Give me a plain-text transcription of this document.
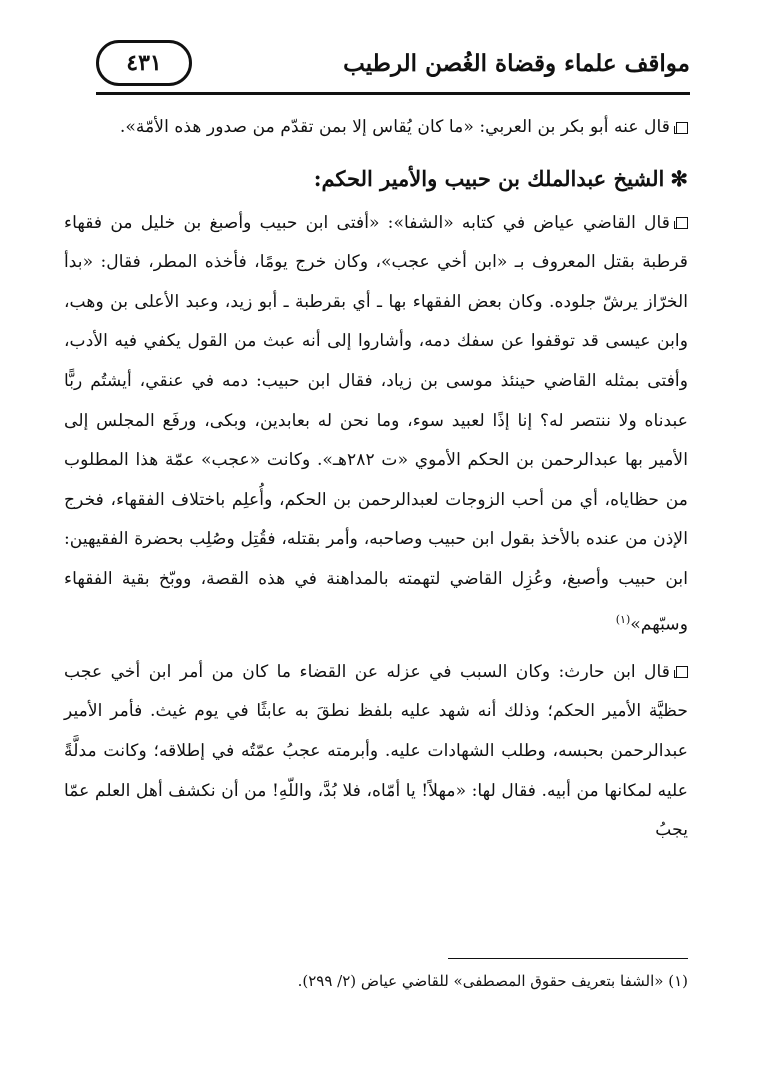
مواقف علماء وقضاة الغُصن الرطيب
٤٣١

قال عنه أبو بكر بن العربي: «ما كان يُقاس إلا بمن تقدّم من صدور هذه الأمّة».

✻الشيخ عبدالملك بن حبيب والأمير الحكم:

قال القاضي عياض في كتابه «الشفا»: «أفتى ابن حبيب وأصبغ بن خليل من فقهاء قرطبة بقتل المعروف بـ «ابن أخي عجب»، وكان خرج يومًا، فأخذه المطر، فقال: «بدأ الخرّاز يرشّ جلوده. وكان بعض الفقهاء بها ـ أي بقرطبة ـ أبو زيد، وعبد الأعلى بن وهب، وابن عيسى قد توقفوا عن سفك دمه، وأشاروا إلى أنه عبث من القول يكفي فيه الأدب، وأفتى بمثله القاضي حينئذ موسى بن زياد، فقال ابن حبيب: دمه في عنقي، أيشتُم ربًّا عبدناه ولا ننتصر له؟ إنا إذًا لعبيد سوء، وما نحن له بعابدين، وبكى، ورفَع المجلس إلى الأمير بها عبدالرحمن بن الحكم الأموي «ت ٢٨٢هـ». وكانت «عجب» عمّة هذا المطلوب من حظاياه، أي من أحب الزوجات لعبدالرحمن بن الحكم، وأُعلِم باختلاف الفقهاء، فخرج الإذن من عنده بالأخذ بقول ابن حبيب وصاحبه، وأمر بقتله، فقُتِل وصُلِب بحضرة الفقيهين: ابن حبيب وأصبغ، وعُزِل القاضي لتهمته بالمداهنة في هذه القصة، ووبّخ بقية الفقهاء وسبّهم»$^{(١)}$

قال ابن حارث: وكان السبب في عزله عن القضاء ما كان من أمر ابن أخي عجب حظيَّة الأمير الحكم؛ وذلك أنه شهد عليه بلفظ نطقَ به عابثًا في يوم غيث. فأمر الأمير عبدالرحمن بحبسه، وطلب الشهادات عليه. وأبرمته عجبُ عمّتُه في إطلاقه؛ وكانت مدلَّةً عليه لمكانها من أبيه. فقال لها: «مهلاً! يا أمّاه، فلا بُدَّ، واللّهِ! من أن نكشف أهل العلم عمّا يجبُ

(١) «الشفا بتعريف حقوق المصطفى» للقاضي عياض (٢/ ٢٩٩).
